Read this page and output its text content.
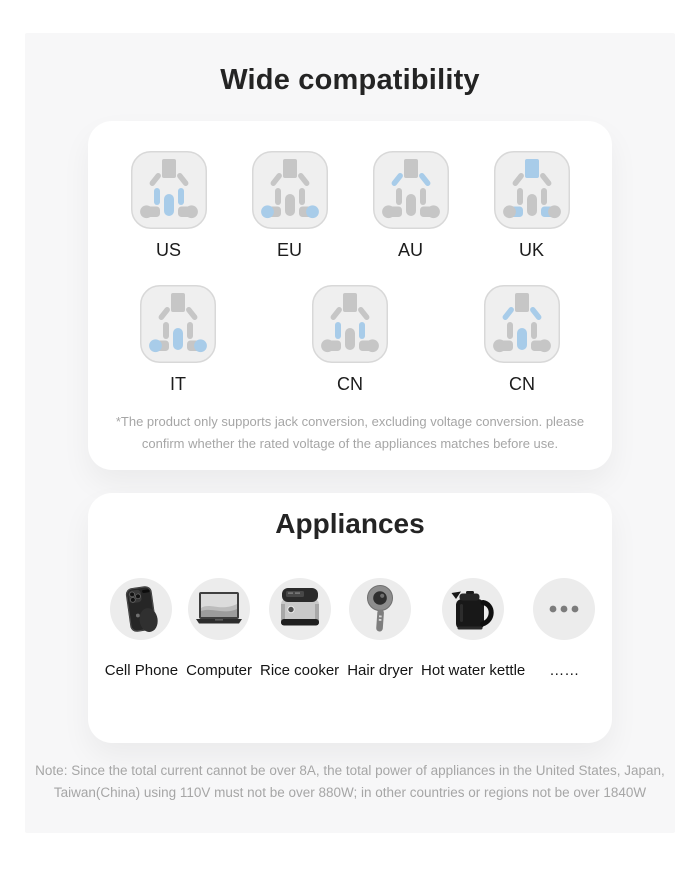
Wide compatibility
US	EU	AU	UK
IT	CN	CN

*The product only supports jack conversion, excluding voltage conversion. please
confirm whether the rated voltage of the appliances matches before use.

Appliances
Cell Phone Computer Rice cooker Hair dryer Hot water kettle ……

Note: Since the total current cannot be over 8A, the total power of appliances in the United States, Japan,
Taiwan(China) using 110V must not be over 880W; in other countries or regions not be over 1840W
